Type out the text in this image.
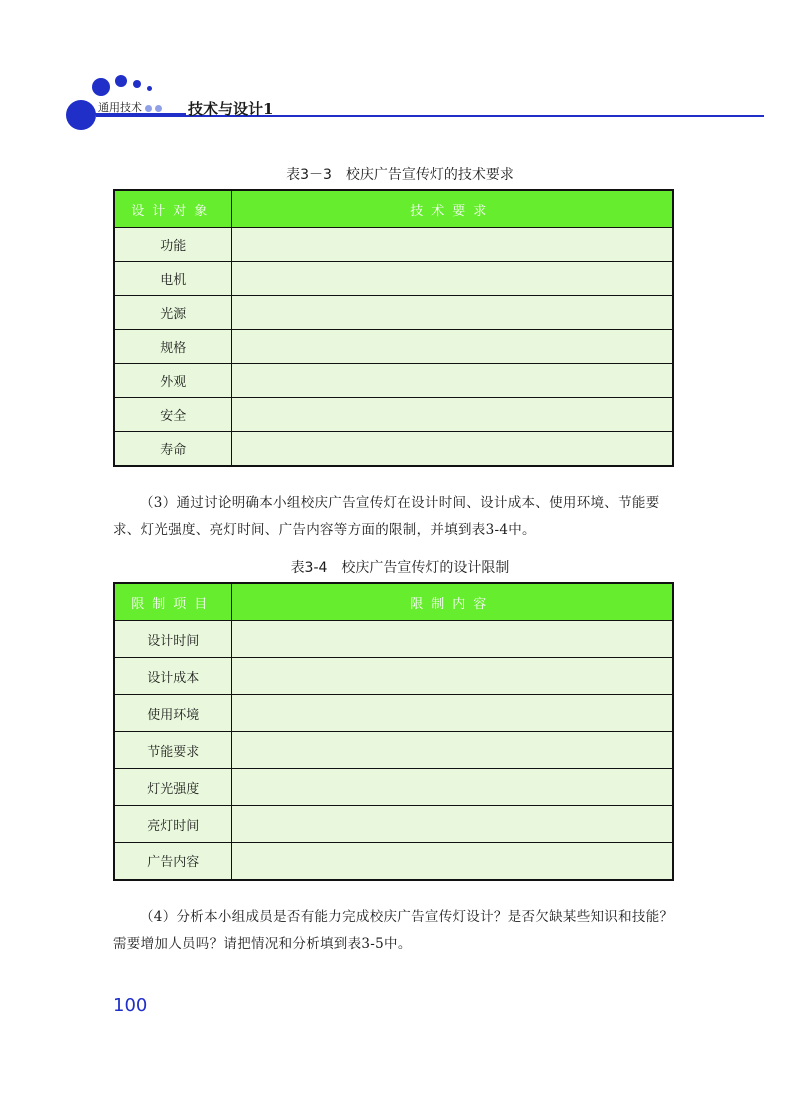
通用技术	技术与设计1
表3－3　校庆广告宣传灯的技术要求
设计对象	技术要求
功能	
电机	
光源	
规格	
外观	
安全	
寿命	
（3）通过讨论明确本小组校庆广告宣传灯在设计时间、设计成本、使用环境、节能要求、灯光强度、亮灯时间、广告内容等方面的限制，并填到表3-4中。
表3-4　校庆广告宣传灯的设计限制
限制项目	限制内容
设计时间	
设计成本	
使用环境	
节能要求	
灯光强度	
亮灯时间	
广告内容	
（4）分析本小组成员是否有能力完成校庆广告宣传灯设计？是否欠缺某些知识和技能？需要增加人员吗？请把情况和分析填到表3-5中。
100
